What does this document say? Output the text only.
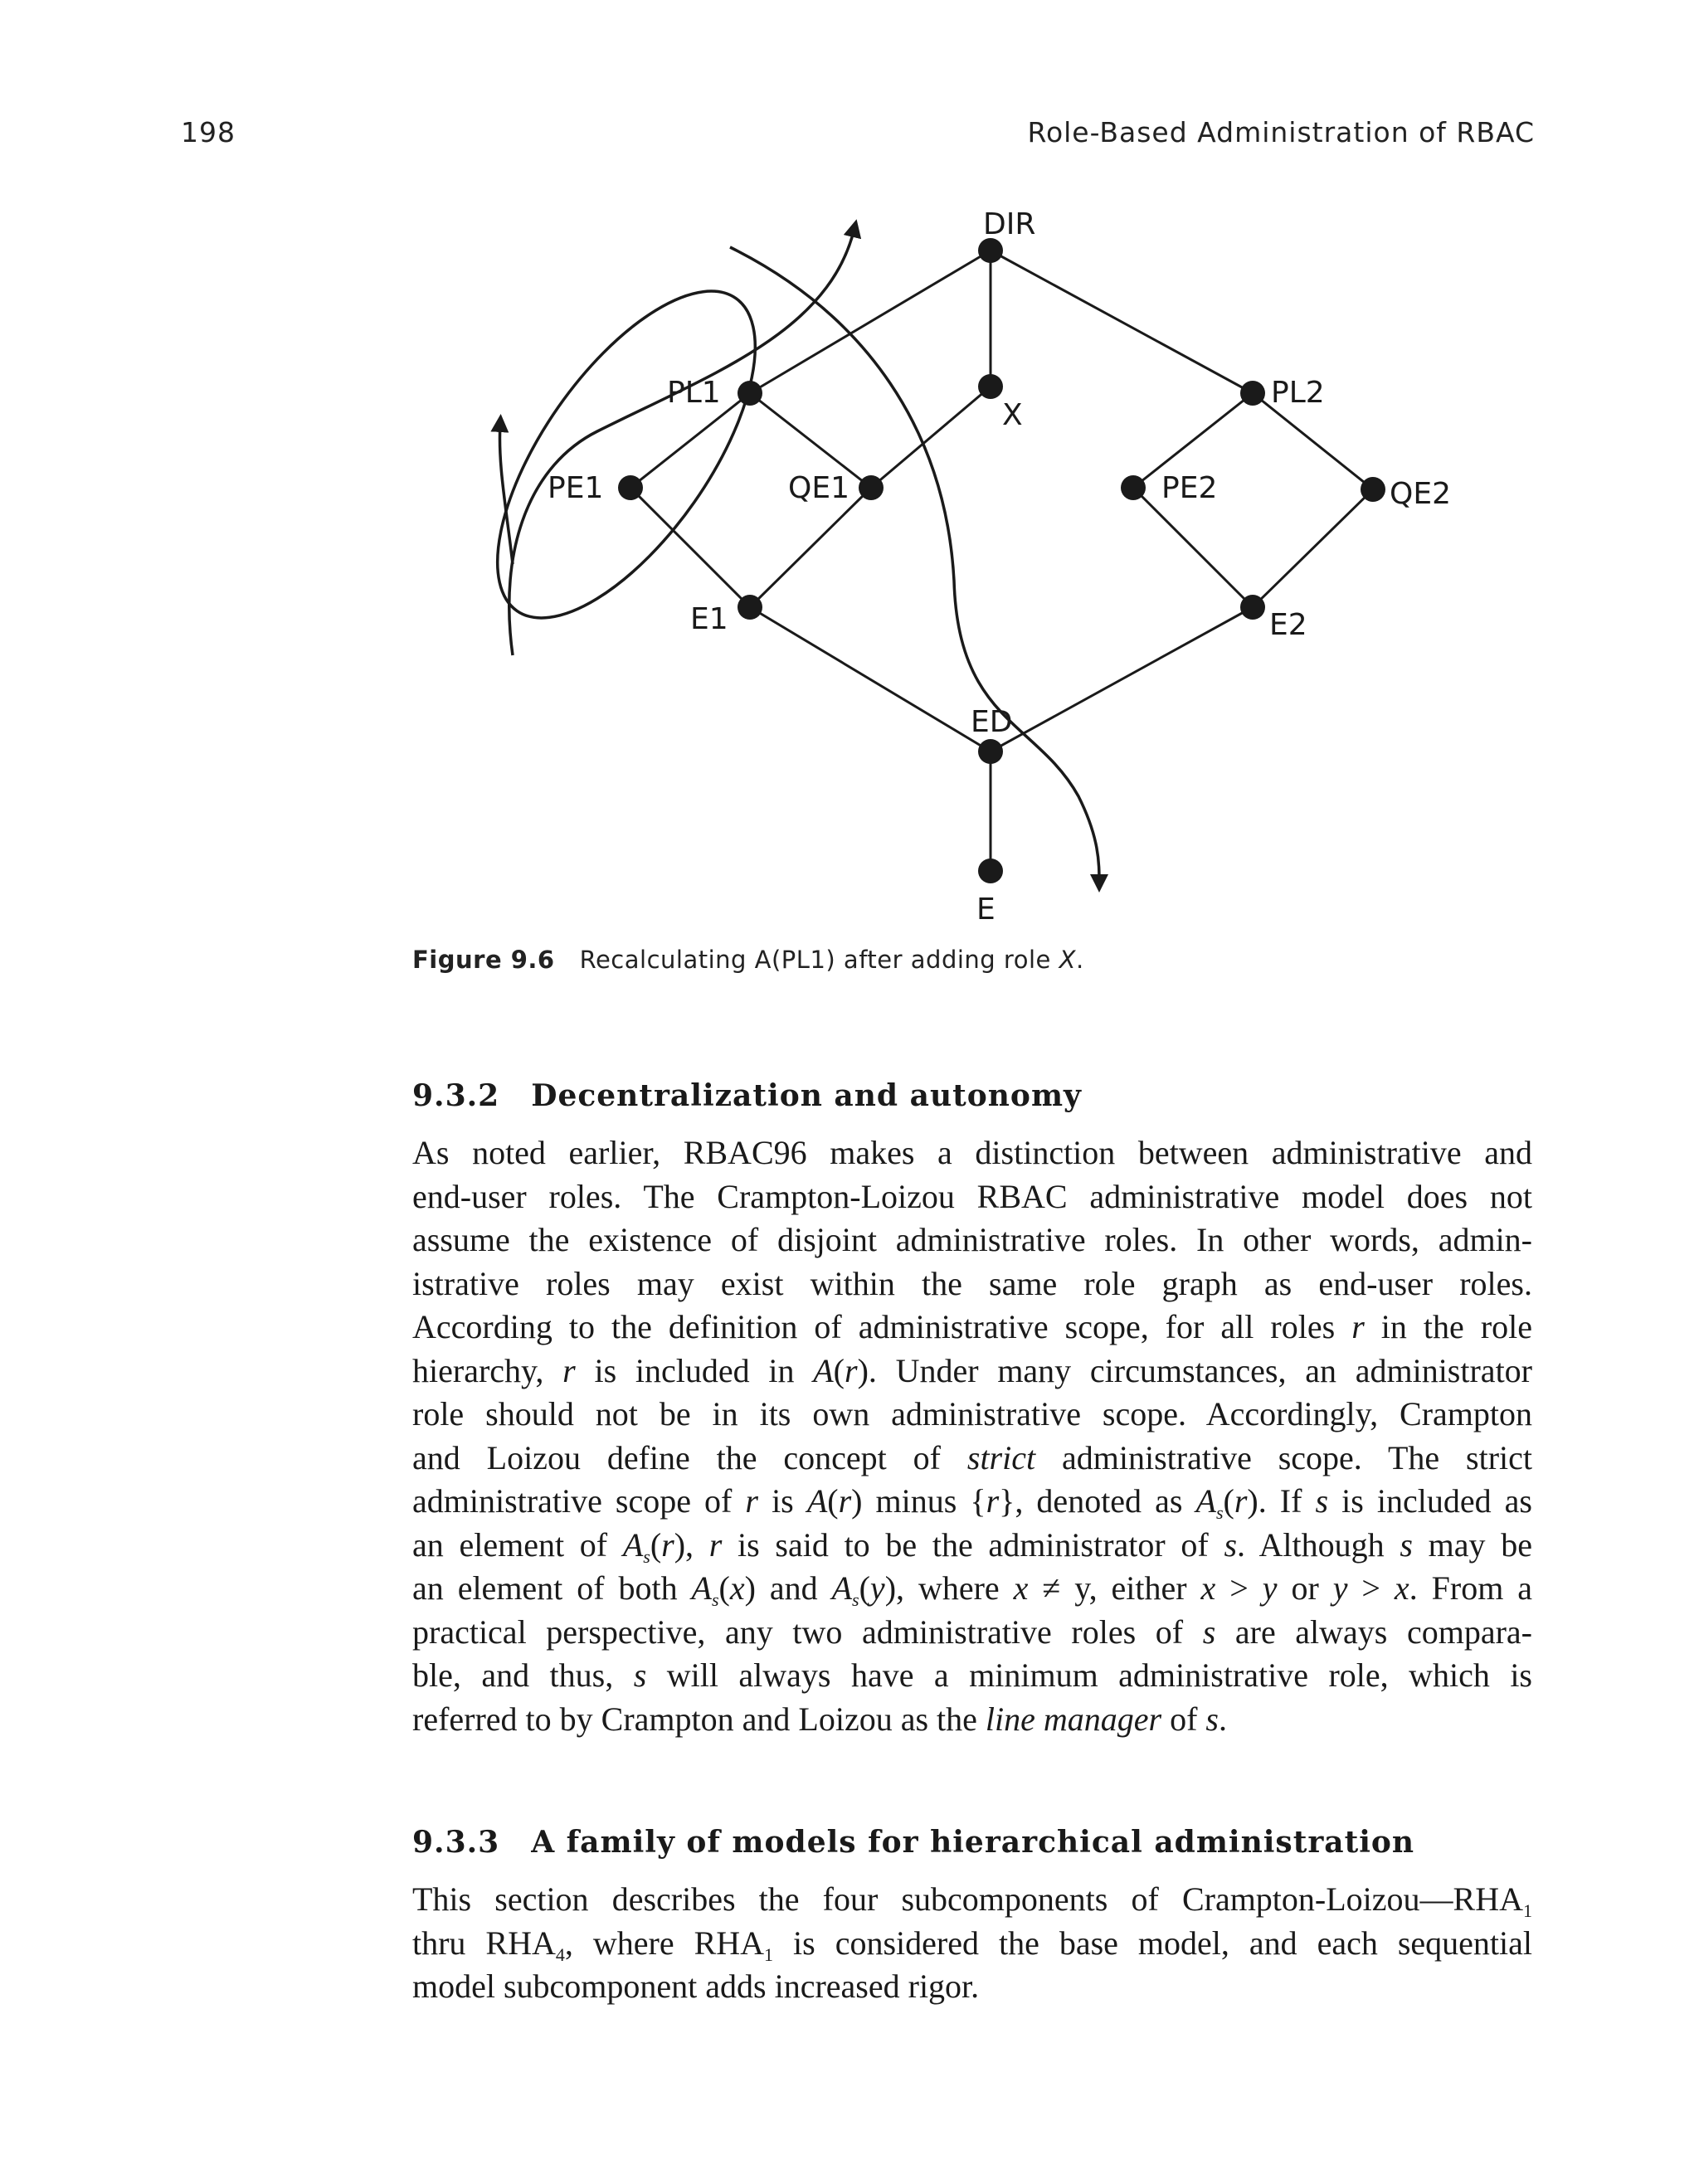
198	Role-Based Administration of RBAC
DIR
PL1
X
PL2
PE1	QE1	PE2	QE2
E1	E2
ED
E
Figure 9.6 Recalculating A(PL1) after adding role X.
9.3.2 Decentralization and autonomy
As noted earlier, RBAC96 makes a distinction between administrative and
end-user roles. The Crampton-Loizou RBAC administrative model does not
assume the existence of disjoint administrative roles. In other words, admin-
istrative roles may exist within the same role graph as end-user roles.
According to the definition of administrative scope, for all roles r in the role
hierarchy, r is included in A(r). Under many circumstances, an administrator
role should not be in its own administrative scope. Accordingly, Crampton
and Loizou define the concept of strict administrative scope. The strict
administrative scope of r is A(r) minus {r}, denoted as $A_s(r)$. If s is included as
an element of $A_s(r)$, r is said to be the administrator of s. Although s may be
an element of both $A_s(x)$ and $A_s(y)$, where x ≠ y, either x > y or y > x. From a
practical perspective, any two administrative roles of s are always compara-
ble, and thus, s will always have a minimum administrative role, which is
referred to by Crampton and Loizou as the line manager of s.
9.3.3 A family of models for hierarchical administration
This section describes the four subcomponents of Crampton-$Loizou—RHA_1$
thru $RHA_4$, where $RHA_1$ is considered the base model, and each sequential
model subcomponent adds increased rigor.
